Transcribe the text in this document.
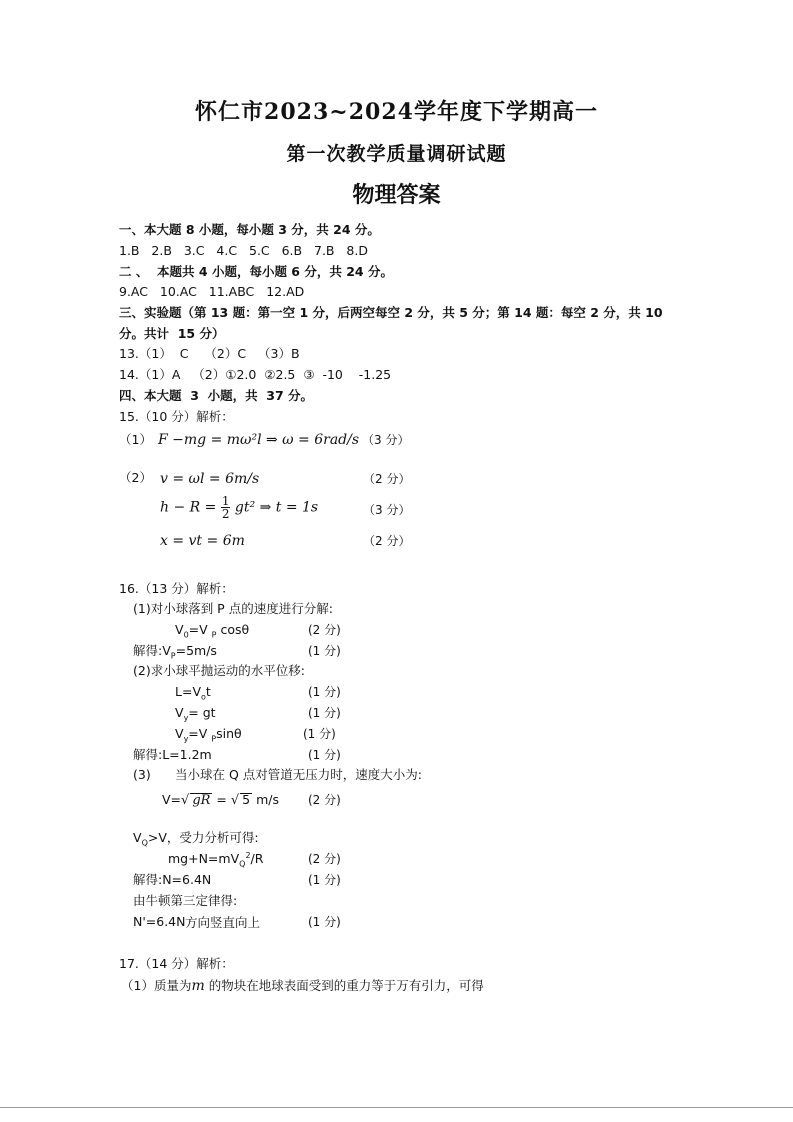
怀仁市2023~2024学年度下学期高一
第一次教学质量调研试题
物理答案
一、本大题 8 小题，每小题 3 分，共 24 分。
1.B   2.B   3.C   4.C   5.C   6.B   7.B   8.D
二 、  本题共 4 小题，每小题 6 分，共 24 分。
9.AC   10.AC   11.ABC   12.AD
三、实验题（第 13 题：第一空 1 分，后两空每空 2 分，共 5 分；第 14 题：每空 2 分，共 10
分。共计  15 分）
13.（1）  C    （2）C   （3）B
14.（1）A   （2）①2.0  ②2.5  ③  -10    -1.25
四、本大题  3  小题，共  37 分。
15.（10 分）解析：
（1） F −mg = mω²l ⇒ ω = 6rad/s （3 分）
（2） v = ωl = 6m/s	（2 分）
$h - R = \frac{1}{2} gt^2$ ⇒ t = 1s	（3 分）
x = vt = 6m	（2 分）
16.（13 分）解析：
(1)对小球落到 P 点的速度进行分解:
$V_0=V$ $_P$ cosθ	(2 分)
解得$:V_P=5m/s$	(1 分)
(2)求小球平抛运动的水平位移:
$L=V_ot$	(1 分)
$V_y=$ gt	(1 分)
$V_y=V$ $_P$sinθ	(1 分)
解得:L=1.2m	(1 分)
(3) 当小球在 Q 点对管道无压力时，速度大小为:
V=√ gR = √ 5 m/s (2 分)
$V_Q>V$，受力分析可得:
$mg+N=mV_Q^2/R$	(2 分)
解得:N=6.4N	(1 分)
由牛顿第三定律得:
N'=6.4N 方向竖直向上	(1 分)
17.（14 分）解析：
（1）质量为m 的物块在地球表面受到的重力等于万有引力，可得
